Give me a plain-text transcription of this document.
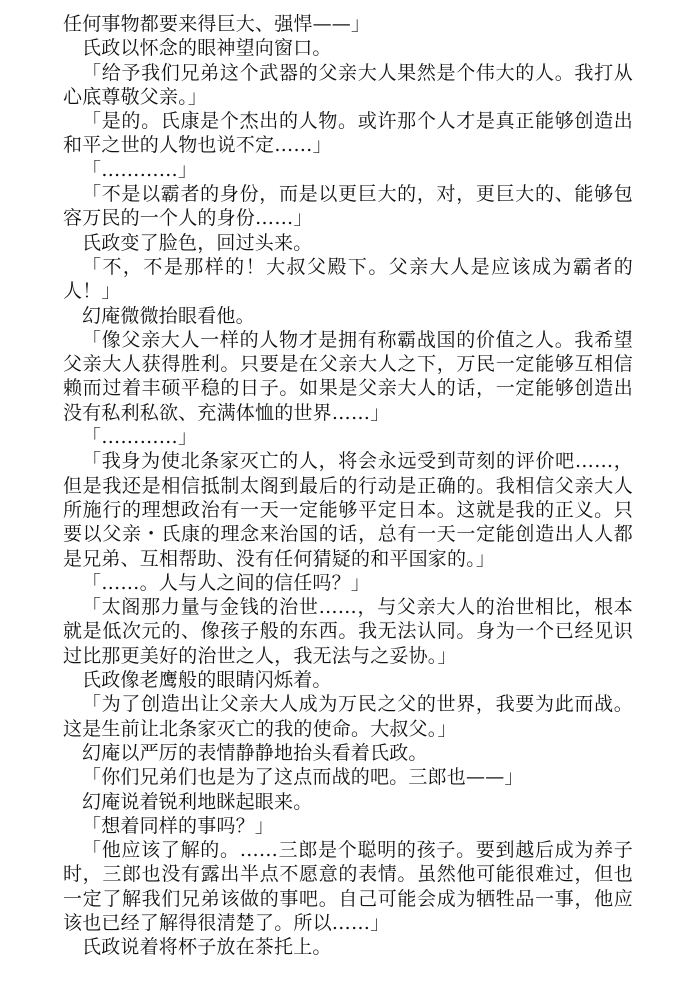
任何事物都要来得巨大、强悍——」

氏政以怀念的眼神望向窗口。

「给予我们兄弟这个武器的父亲大人果然是个伟大的人。我打从心底尊敬父亲。」

「是的。氏康是个杰出的人物。或许那个人才是真正能够创造出和平之世的人物也说不定……」

「…………」

「不是以霸者的身份，而是以更巨大的，对，更巨大的、能够包容万民的一个人的身份……」

氏政变了脸色，回过头来。

「不，不是那样的！大叔父殿下。父亲大人是应该成为霸者的人！」

幻庵微微抬眼看他。

「像父亲大人一样的人物才是拥有称霸战国的价值之人。我希望父亲大人获得胜利。只要是在父亲大人之下，万民一定能够互相信赖而过着丰硕平稳的日子。如果是父亲大人的话，一定能够创造出没有私利私欲、充满体恤的世界……」

「…………」

「我身为使北条家灭亡的人，将会永远受到苛刻的评价吧……，但是我还是相信抵制太阁到最后的行动是正确的。我相信父亲大人所施行的理想政治有一天一定能够平定日本。这就是我的正义。只要以父亲・氏康的理念来治国的话，总有一天一定能创造出人人都是兄弟、互相帮助、没有任何猜疑的和平国家的。」

「……。人与人之间的信任吗？」

「太阁那力量与金钱的治世……，与父亲大人的治世相比，根本就是低次元的、像孩子般的东西。我无法认同。身为一个已经见识过比那更美好的治世之人，我无法与之妥协。」

氏政像老鹰般的眼睛闪烁着。

「为了创造出让父亲大人成为万民之父的世界，我要为此而战。这是生前让北条家灭亡的我的使命。大叔父。」

幻庵以严厉的表情静静地抬头看着氏政。

「你们兄弟们也是为了这点而战的吧。三郎也——」

幻庵说着锐利地眯起眼来。

「想着同样的事吗？」

「他应该了解的。……三郎是个聪明的孩子。要到越后成为养子时，三郎也没有露出半点不愿意的表情。虽然他可能很难过，但也一定了解我们兄弟该做的事吧。自己可能会成为牺牲品一事，他应该也已经了解得很清楚了。所以……」

氏政说着将杯子放在茶托上。
